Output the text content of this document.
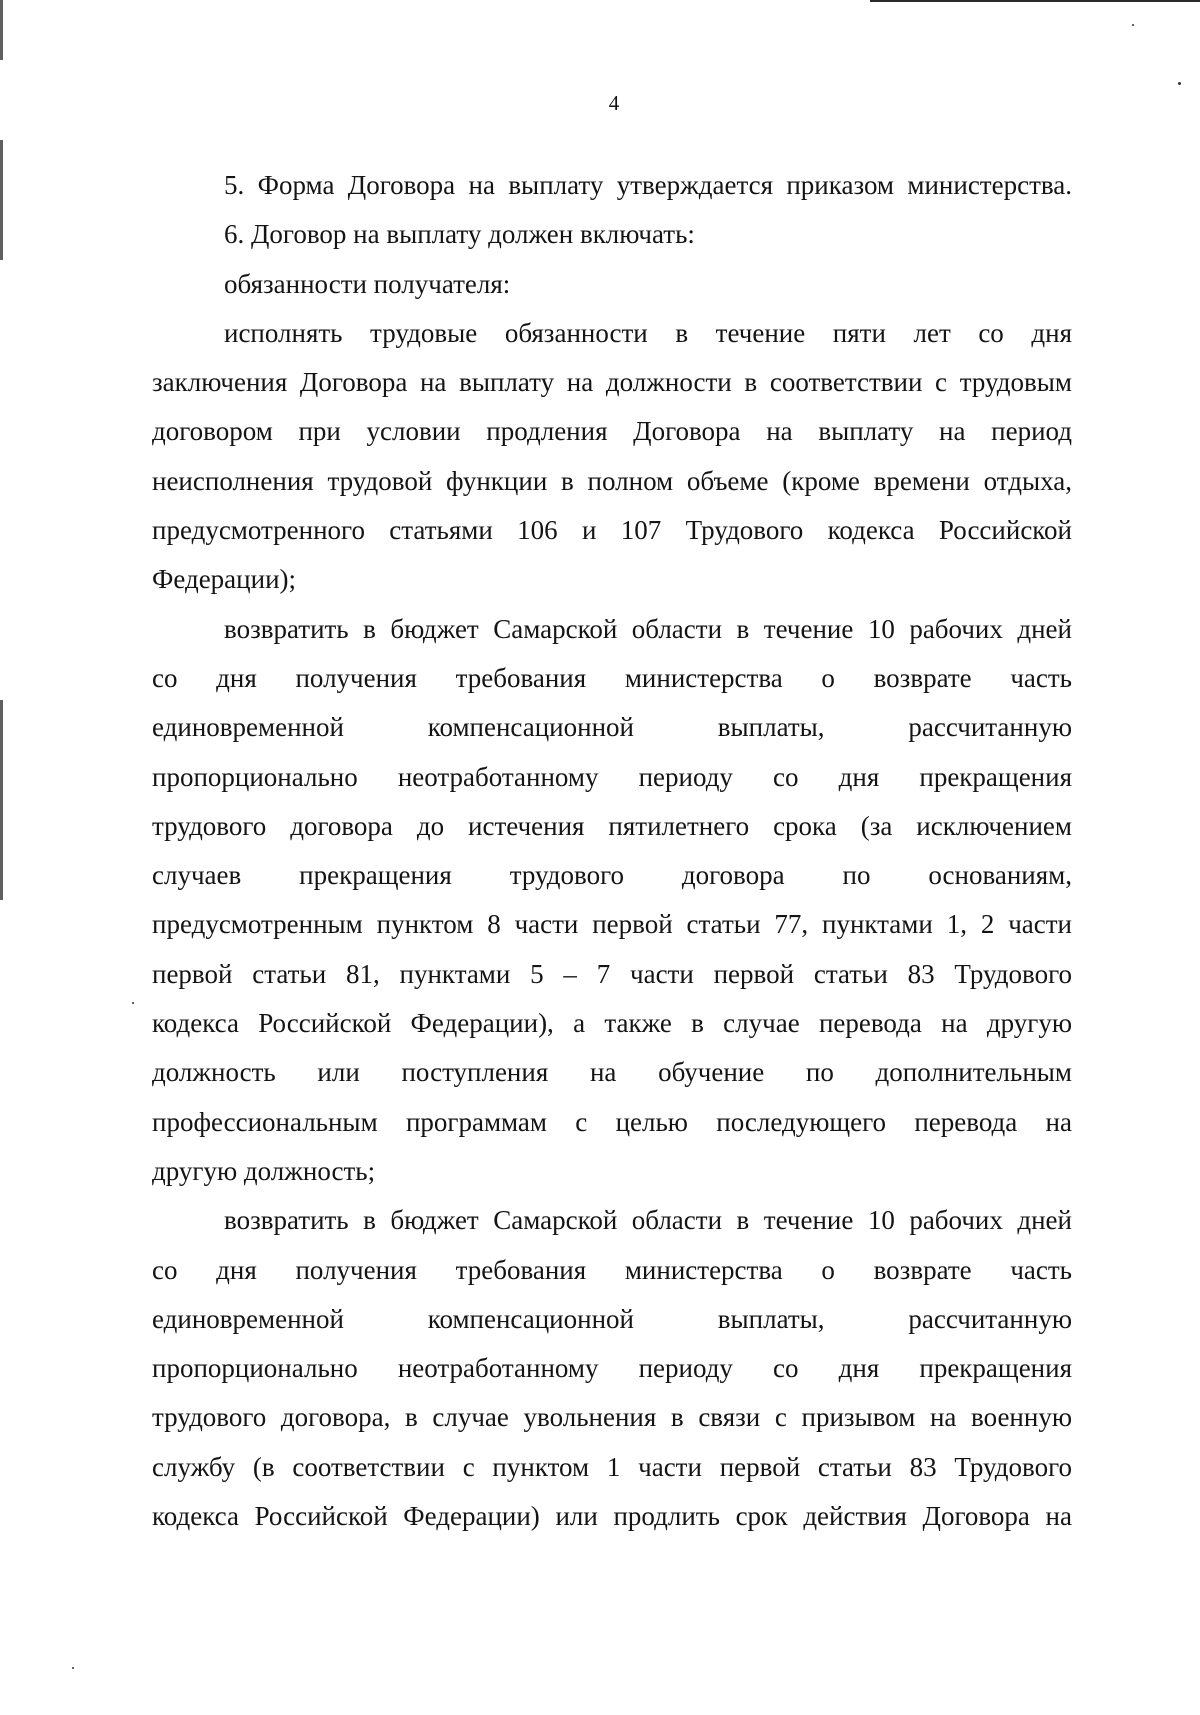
4
5. Форма Договора на выплату утверждается приказом министерства.
6. Договор на выплату должен включать:
обязанности получателя:
исполнять трудовые обязанности в течение пяти лет со дня
заключения Договора на выплату на должности в соответствии с трудовым
договором при условии продления Договора на выплату на период
неисполнения трудовой функции в полном объеме (кроме времени отдыха,
предусмотренного статьями 106 и 107 Трудового кодекса Российской
Федерации);
возвратить в бюджет Самарской области в течение 10 рабочих дней
со дня получения требования министерства о возврате часть
единовременной компенсационной выплаты, рассчитанную
пропорционально неотработанному периоду со дня прекращения
трудового договора до истечения пятилетнего срока (за исключением
случаев прекращения трудового договора по основаниям,
предусмотренным пунктом 8 части первой статьи 77, пунктами 1, 2 части
первой статьи 81, пунктами 5 – 7 части первой статьи 83 Трудового
кодекса Российской Федерации), а также в случае перевода на другую
должность или поступления на обучение по дополнительным
профессиональным программам с целью последующего перевода на
другую должность;
возвратить в бюджет Самарской области в течение 10 рабочих дней
со дня получения требования министерства о возврате часть
единовременной компенсационной выплаты, рассчитанную
пропорционально неотработанному периоду со дня прекращения
трудового договора, в случае увольнения в связи с призывом на военную
службу (в соответствии с пунктом 1 части первой статьи 83 Трудового
кодекса Российской Федерации) или продлить срок действия Договора на
